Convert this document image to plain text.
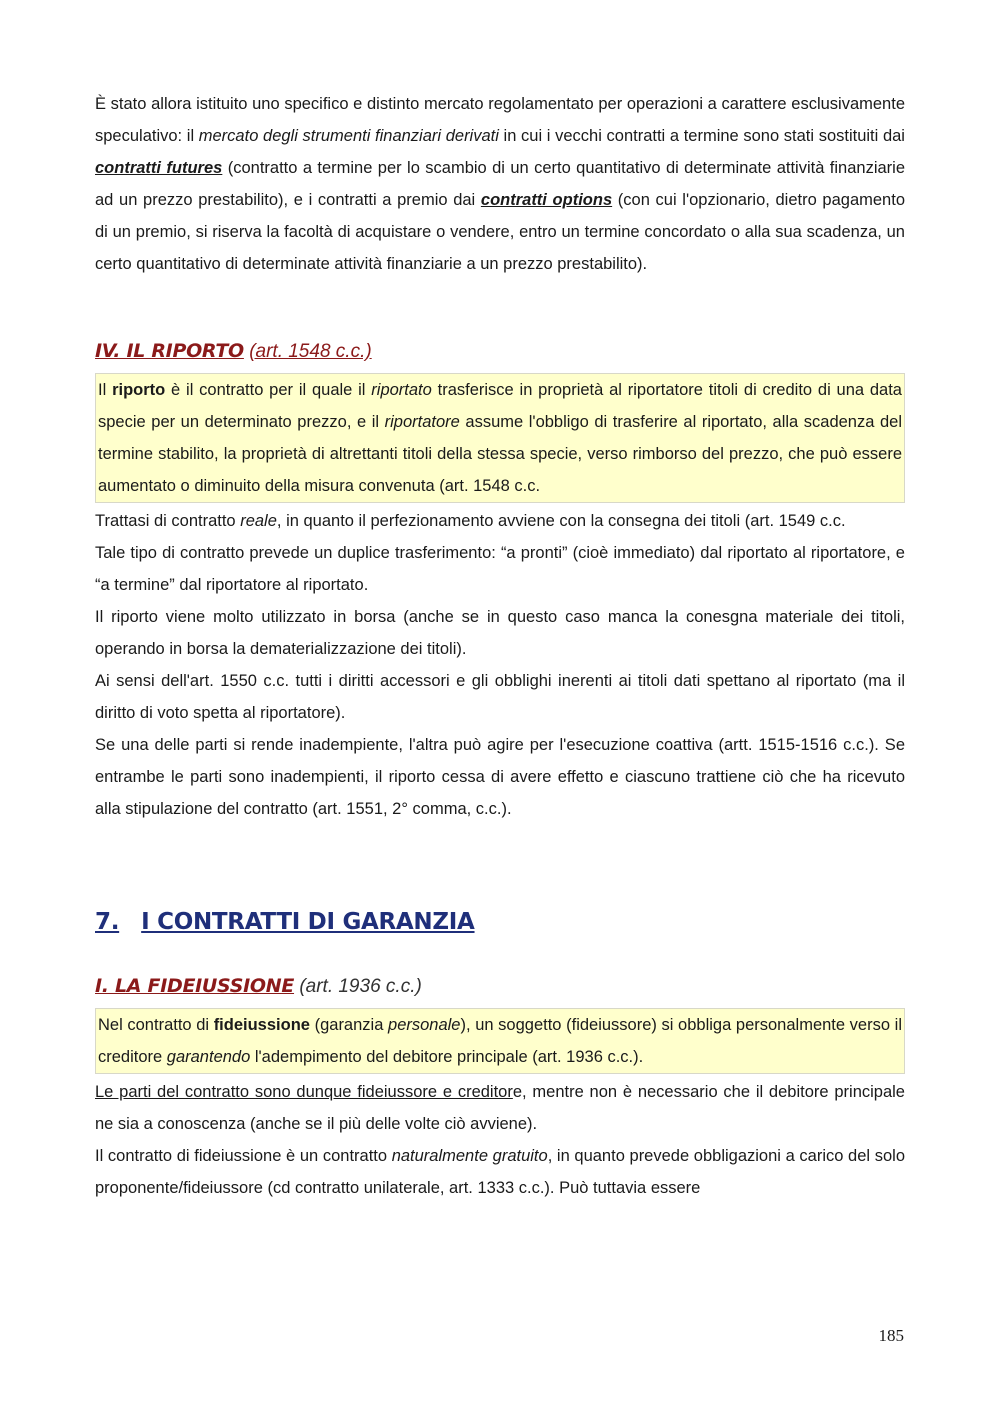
È stato allora istituito uno specifico e distinto mercato regolamentato per operazioni a carattere esclusivamente speculativo: il mercato degli strumenti finanziari derivati in cui i vecchi contratti a termine sono stati sostituiti dai contratti futures (contratto a termine per lo scambio di un certo quantitativo di determinate attività finanziarie ad un prezzo prestabilito), e i contratti a premio dai contratti options (con cui l'opzionario, dietro pagamento di un premio, si riserva la facoltà di acquistare o vendere, entro un termine concordato o alla sua scadenza, un certo quantitativo di determinate attività finanziarie a un prezzo prestabilito).

IV. IL RIPORTO (art. 1548 c.c.)

Il riporto è il contratto per il quale il riportato trasferisce in proprietà al riportatore titoli di credito di una data specie per un determinato prezzo, e il riportatore assume l'obbligo di trasferire al riportato, alla scadenza del termine stabilito, la proprietà di altrettanti titoli della stessa specie, verso rimborso del prezzo, che può essere aumentato o diminuito della misura convenuta (art. 1548 c.c.

Trattasi di contratto reale, in quanto il perfezionamento avviene con la consegna dei titoli (art. 1549 c.c.

Tale tipo di contratto prevede un duplice trasferimento: “a pronti” (cioè immediato) dal riportato al riportatore, e “a termine” dal riportatore al riportato.

Il riporto viene molto utilizzato in borsa (anche se in questo caso manca la conesgna materiale dei titoli, operando in borsa la dematerializzazione dei titoli).

Ai sensi dell'art. 1550 c.c. tutti i diritti accessori e gli obblighi inerenti ai titoli dati spettano al riportato (ma il diritto di voto spetta al riportatore).

Se una delle parti si rende inadempiente, l'altra può agire per l'esecuzione coattiva (artt. 1515-1516 c.c.). Se entrambe le parti sono inadempienti, il riporto cessa di avere effetto e ciascuno trattiene ciò che ha ricevuto alla stipulazione del contratto (art. 1551, 2° comma, c.c.).

7. I CONTRATTI DI GARANZIA
I. LA FIDEIUSSIONE (art. 1936 c.c.)

Nel contratto di fideiussione (garanzia personale), un soggetto (fideiussore) si obbliga personalmente verso il creditore garantendo l'adempimento del debitore principale (art. 1936 c.c.).

Le parti del contratto sono dunque fideiussore e creditore, mentre non è necessario che il debitore principale ne sia a conoscenza (anche se il più delle volte ciò avviene).

Il contratto di fideiussione è un contratto naturalmente gratuito, in quanto prevede obbligazioni a carico del solo proponente/fideiussore (cd contratto unilaterale, art. 1333 c.c.). Può tuttavia essere

185
